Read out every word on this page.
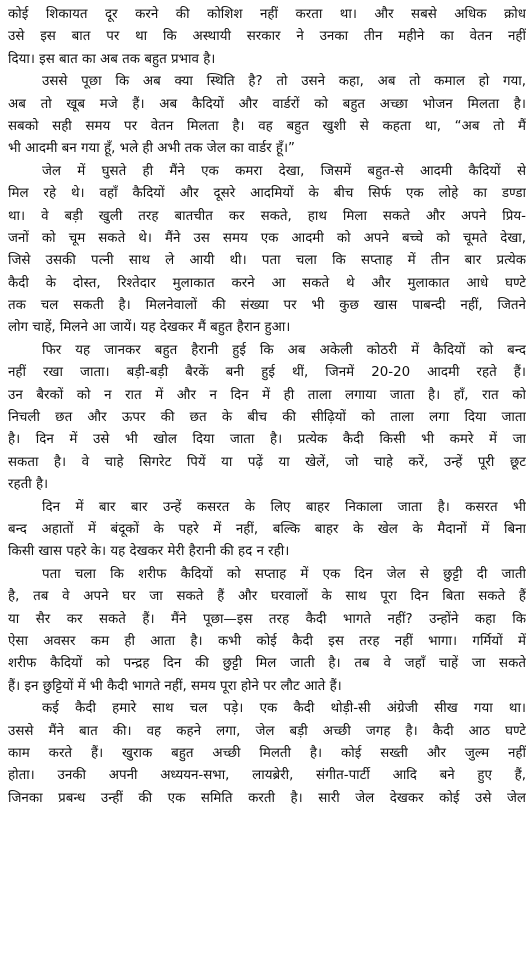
कोई शिकायत दूर करने की कोशिश नहीं करता था। और सबसे अधिक क्रोध
उसे इस बात पर था कि अस्थायी सरकार ने उनका तीन महीने का वेतन नहीं
दिया। इस बात का अब तक बहुत प्रभाव है।
उससे पूछा कि अब क्या स्थिति है? तो उसने कहा, अब तो कमाल हो गया,
अब तो खूब मजे हैं। अब कैदियों और वार्डरों को बहुत अच्छा भोजन मिलता है।
सबको सही समय पर वेतन मिलता है। वह बहुत खुशी से कहता था, “अब तो मैं
भी आदमी बन गया हूँ, भले ही अभी तक जेल का वार्डर हूँ।”
जेल में घुसते ही मैंने एक कमरा देखा, जिसमें बहुत-से आदमी कैदियों से
मिल रहे थे। वहाँ कैदियों और दूसरे आदमियों के बीच सिर्फ एक लोहे का डण्डा
था। वे बड़ी खुली तरह बातचीत कर सकते, हाथ मिला सकते और अपने प्रिय-
जनों को चूम सकते थे। मैंने उस समय एक आदमी को अपने बच्चे को चूमते देखा,
जिसे उसकी पत्नी साथ ले आयी थी। पता चला कि सप्ताह में तीन बार प्रत्येक
कैदी के दोस्त, रिश्तेदार मुलाकात करने आ सकते थे और मुलाकात आधे घण्टे
तक चल सकती है। मिलनेवालों की संख्या पर भी कुछ खास पाबन्दी नहीं, जितने
लोग चाहें, मिलने आ जायें। यह देखकर मैं बहुत हैरान हुआ।
फिर यह जानकर बहुत हैरानी हुई कि अब अकेली कोठरी में कैदियों को बन्द
नहीं रखा जाता। बड़ी-बड़ी बैरकें बनी हुई थीं, जिनमें 20-20 आदमी रहते हैं।
उन बैरकों को न रात में और न दिन में ही ताला लगाया जाता है। हाँ, रात को
निचली छत और ऊपर की छत के बीच की सीढ़ियों को ताला लगा दिया जाता
है। दिन में उसे भी खोल दिया जाता है। प्रत्येक कैदी किसी भी कमरे में जा
सकता है। वे चाहे सिगरेट पियें या पढ़ें या खेलें, जो चाहे करें, उन्हें पूरी छूट
रहती है।
दिन में बार बार उन्हें कसरत के लिए बाहर निकाला जाता है। कसरत भी
बन्द अहातों में बंदूकों के पहरे में नहीं, बल्कि बाहर के खेल के मैदानों में बिना
किसी खास पहरे के। यह देखकर मेरी हैरानी की हद न रही।
पता चला कि शरीफ कैदियों को सप्ताह में एक दिन जेल से छुट्टी दी जाती
है, तब वे अपने घर जा सकते हैं और घरवालों के साथ पूरा दिन बिता सकते हैं
या सैर कर सकते हैं। मैंने पूछा—इस तरह कैदी भागते नहीं? उन्होंने कहा कि
ऐसा अवसर कम ही आता है। कभी कोई कैदी इस तरह नहीं भागा। गर्मियों में
शरीफ कैदियों को पन्द्रह दिन की छुट्टी मिल जाती है। तब वे जहाँ चाहें जा सकते
हैं। इन छुट्टियों में भी कैदी भागते नहीं, समय पूरा होने पर लौट आते हैं।
कई कैदी हमारे साथ चल पड़े। एक कैदी थोड़ी-सी अंग्रेजी सीख गया था।
उससे मैंने बात की। वह कहने लगा, जेल बड़ी अच्छी जगह है। कैदी आठ घण्टे
काम करते हैं। खुराक बहुत अच्छी मिलती है। कोई सख्ती और जुल्म नहीं
होता। उनकी अपनी अध्ययन-सभा, लायब्रेरी, संगीत-पार्टी आदि बने हुए हैं,
जिनका प्रबन्ध उन्हीं की एक समिति करती है। सारी जेल देखकर कोई उसे जेल
